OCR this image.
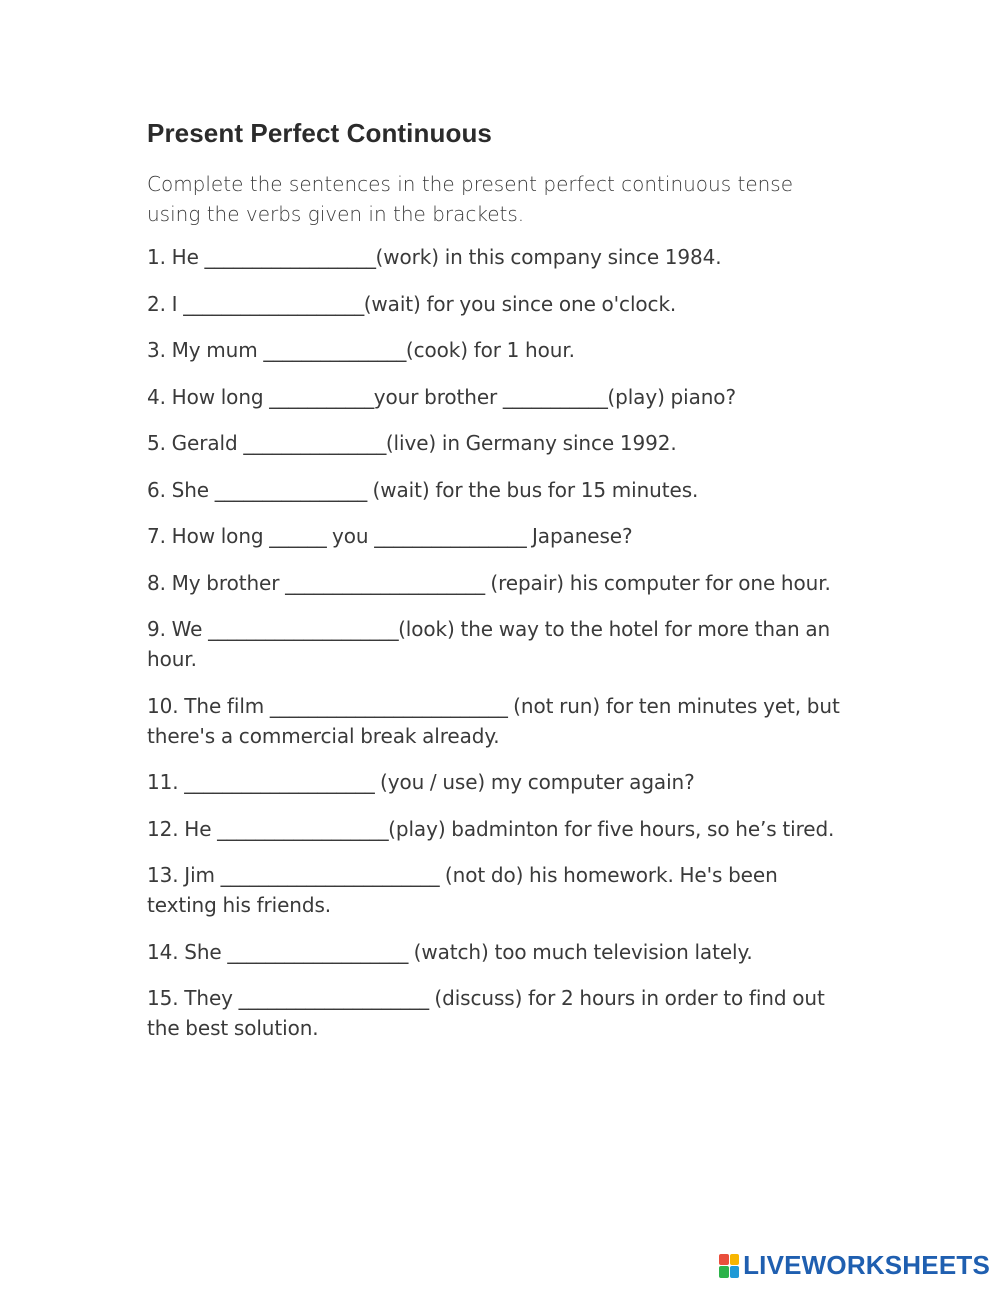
Present Perfect Continuous

Complete the sentences in the present perfect continuous tense using the verbs given in the brackets.

1. He __________________(work) in this company since 1984.
2. I ___________________(wait) for you since one o'clock.
3. My mum _______________(cook) for 1 hour.
4. How long ___________your brother ___________(play) piano?
5. Gerald _______________(live) in Germany since 1992.
6. She ________________ (wait) for the bus for 15 minutes.
7. How long ______ you ________________ Japanese?
8. My brother _____________________ (repair) his computer for one hour.
9. We ____________________(look) the way to the hotel for more than an hour.
10. The film _________________________ (not run) for ten minutes yet, but there's a commercial break already.
11. ____________________ (you / use) my computer again?
12. He __________________(play) badminton for five hours, so he’s tired.
13. Jim _______________________ (not do) his homework. He's been texting his friends.
14. She ___________________ (watch) too much television lately.
15. They ____________________ (discuss) for 2 hours in order to find out the best solution.
LIVEWORKSHEETS
